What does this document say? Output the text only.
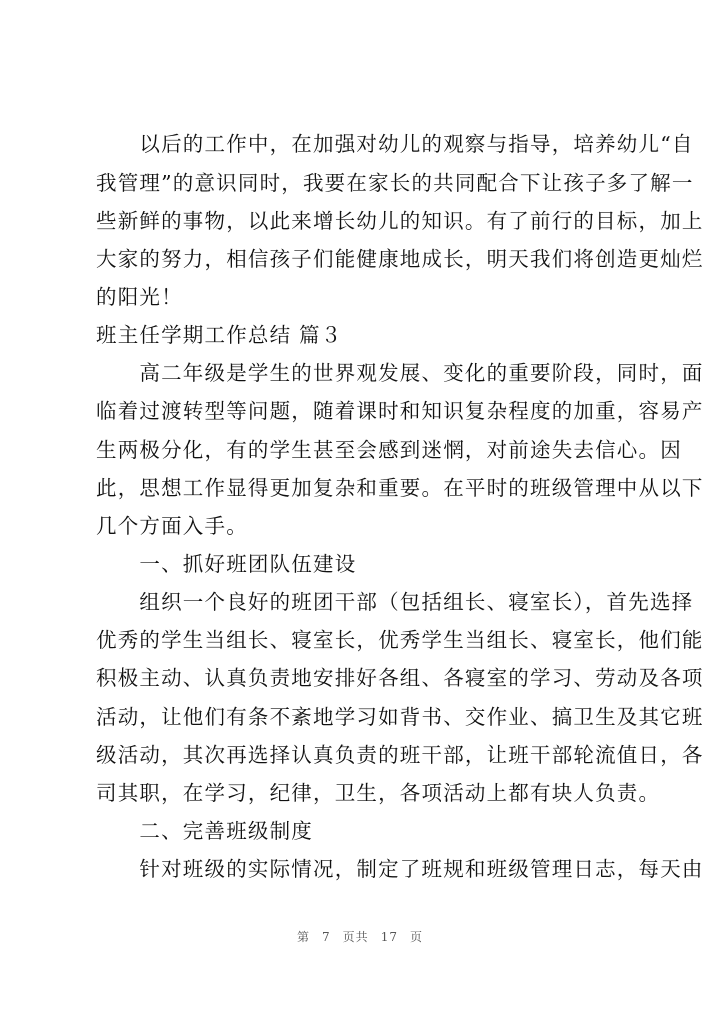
　　以后的工作中，在加强对幼儿的观察与指导，培养幼儿“自
我管理”的意识同时，我要在家长的共同配合下让孩子多了解一
些新鲜的事物，以此来增长幼儿的知识。有了前行的目标，加上
大家的努力，相信孩子们能健康地成长，明天我们将创造更灿烂
的阳光！
班主任学期工作总结 篇３
　　高二年级是学生的世界观发展、变化的重要阶段，同时，面
临着过渡转型等问题，随着课时和知识复杂程度的加重，容易产
生两极分化，有的学生甚至会感到迷惘，对前途失去信心。因
此，思想工作显得更加复杂和重要。在平时的班级管理中从以下
几个方面入手。
　　一、抓好班团队伍建设
　　组织一个良好的班团干部（包括组长、寝室长），首先选择
优秀的学生当组长、寝室长，优秀学生当组长、寝室长，他们能
积极主动、认真负责地安排好各组、各寝室的学习、劳动及各项
活动，让他们有条不紊地学习如背书、交作业、搞卫生及其它班
级活动，其次再选择认真负责的班干部，让班干部轮流值日，各
司其职，在学习，纪律，卫生，各项活动上都有块人负责。
　　二、完善班级制度
　　针对班级的实际情况，制定了班规和班级管理日志，每天由
第 7 页共 17 页
